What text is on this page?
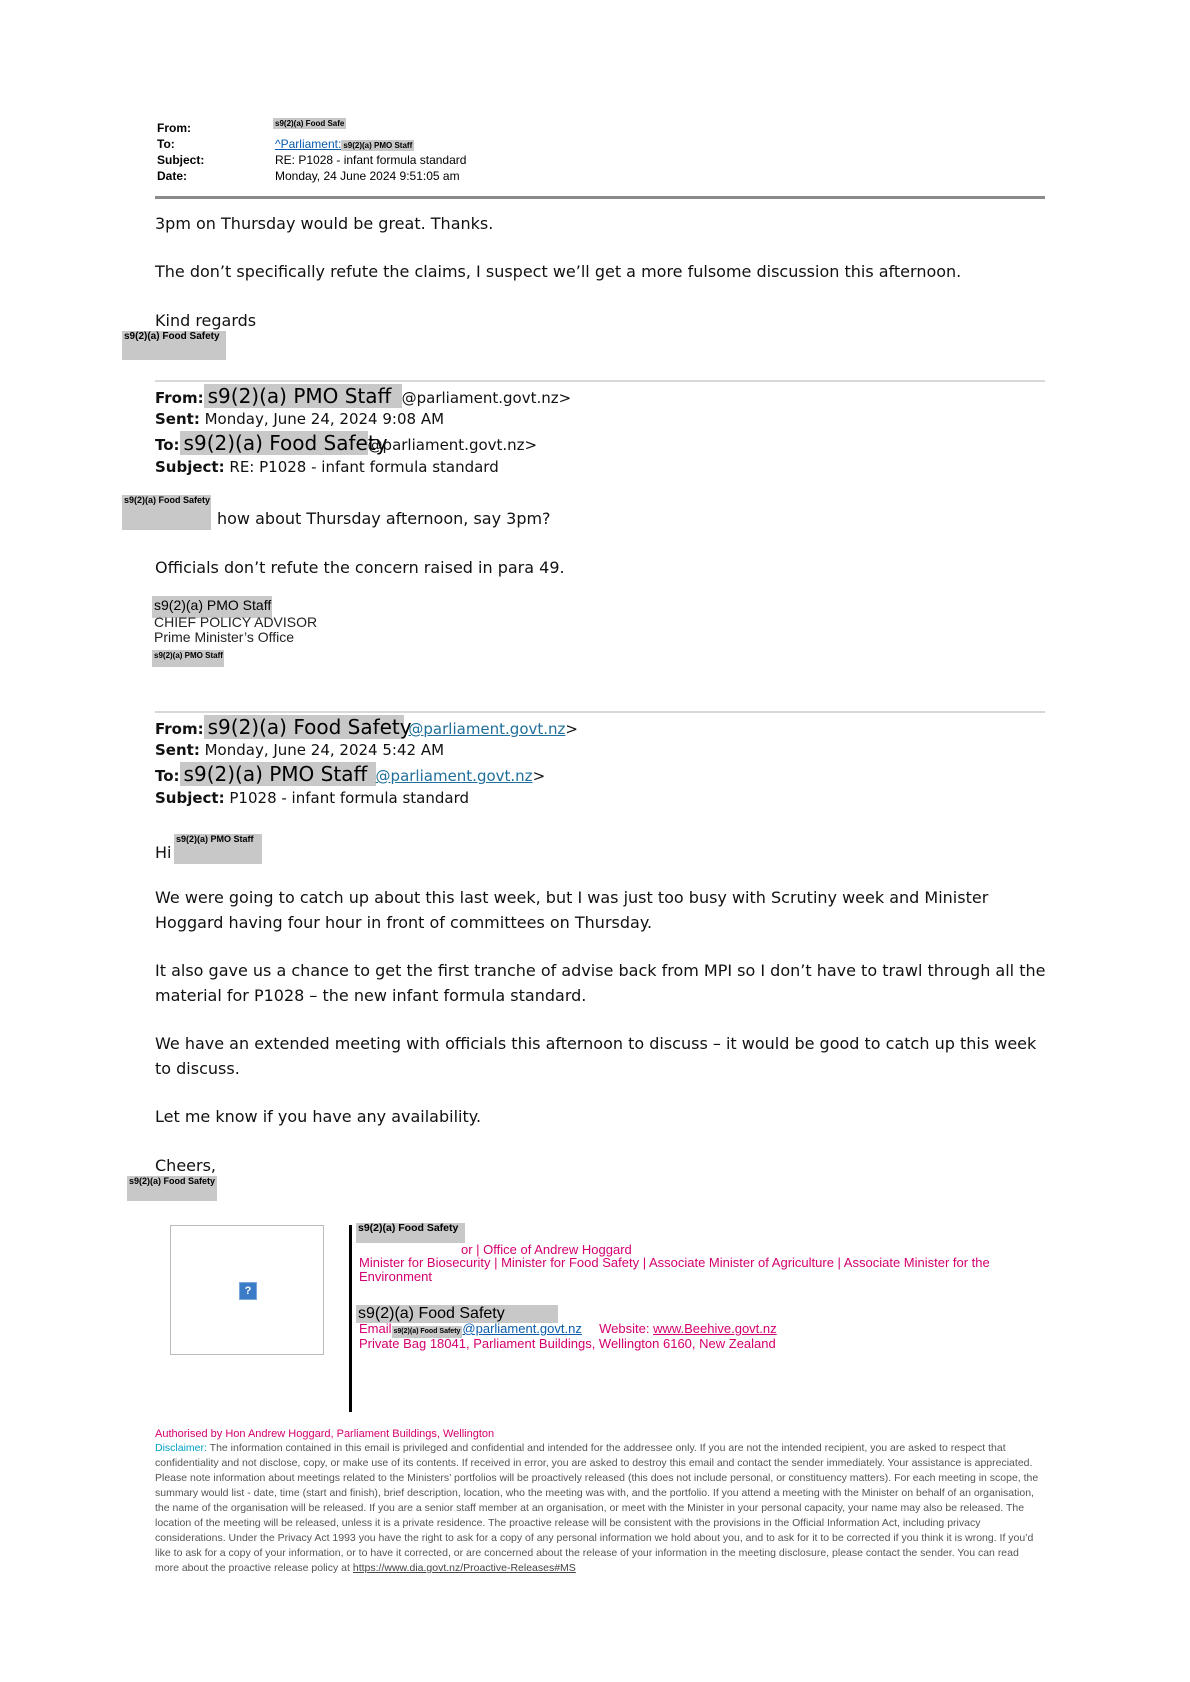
From:	s9(2)(a) Food Safe
To:	^Parliament: s9(2)(a) PMO Staff
Subject:	RE: P1028 - infant formula standard
Date:	Monday, 24 June 2024 9:51:05 am
3pm on Thursday would be great. Thanks.
The don’t specifically refute the claims, I suspect we’ll get a more fulsome discussion this afternoon.
Kind regards
s9(2)(a) Food Safety
From: s9(2)(a) PMO Staff @parliament.govt.nz>
Sent: Monday, June 24, 2024 9:08 AM
To: s9(2)(a) Food Safety@parliament.govt.nz>
Subject: RE: P1028 - infant formula standard
s9(2)(a) Food Safety
how about Thursday afternoon, say 3pm?
Officials don’t refute the concern raised in para 49.
s9(2)(a) PMO Staff
CHIEF POLICY ADVISOR
Prime Minister’s Office
s9(2)(a) PMO Staff
From: s9(2)(a) Food Safety @parliament.govt.nz>
Sent: Monday, June 24, 2024 5:42 AM
To: s9(2)(a) PMO Staff @parliament.govt.nz>
Subject: P1028 - infant formula standard
Hi
s9(2)(a) PMO Staff
We were going to catch up about this last week, but I was just too busy with Scrutiny week and Minister Hoggard having four hour in front of committees on Thursday.
It also gave us a chance to get the first tranche of advise back from MPI so I don’t have to trawl through all the material for P1028 – the new infant formula standard.
We have an extended meeting with officials this afternoon to discuss – it would be good to catch up this week to discuss.
Let me know if you have any availability.
Cheers,
s9(2)(a) Food Safety
?
s9(2)(a) Food Safety
or | Office of Andrew Hoggard
Minister for Biosecurity | Minister for Food Safety | Associate Minister of Agriculture | Associate Minister for the Environment
s9(2)(a) Food Safety
Email s9(2)(a) Food Safety @parliament.govt.nz Website: www.Beehive.govt.nz
Private Bag 18041, Parliament Buildings, Wellington 6160, New Zealand
Authorised by Hon Andrew Hoggard, Parliament Buildings, Wellington
Disclaimer: The information contained in this email is privileged and confidential and intended for the addressee only. If you are not the intended recipient, you are asked to respect that confidentiality and not disclose, copy, or make use of its contents. If received in error, you are asked to destroy this email and contact the sender immediately. Your assistance is appreciated. Please note information about meetings related to the Ministers’ portfolios will be proactively released (this does not include personal, or constituency matters). For each meeting in scope, the summary would list - date, time (start and finish), brief description, location, who the meeting was with, and the portfolio. If you attend a meeting with the Minister on behalf of an organisation, the name of the organisation will be released. If you are a senior staff member at an organisation, or meet with the Minister in your personal capacity, your name may also be released. The location of the meeting will be released, unless it is a private residence. The proactive release will be consistent with the provisions in the Official Information Act, including privacy considerations. Under the Privacy Act 1993 you have the right to ask for a copy of any personal information we hold about you, and to ask for it to be corrected if you think it is wrong. If you’d like to ask for a copy of your information, or to have it corrected, or are concerned about the release of your information in the meeting disclosure, please contact the sender. You can read more about the proactive release policy at https://www.dia.govt.nz/Proactive-Releases#MS
